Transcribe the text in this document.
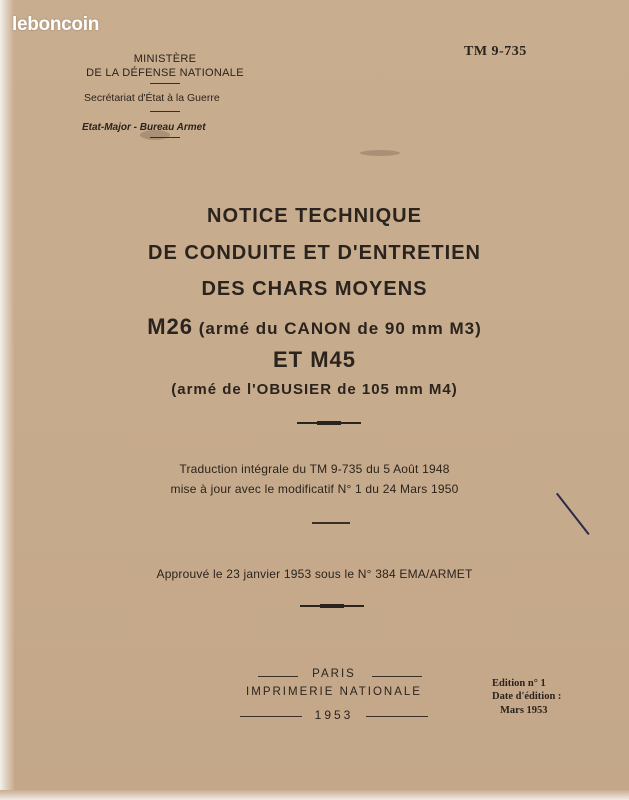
leboncoin
MINISTÈRE
DE LA DÉFENSE NATIONALE
Secrétariat d'État à la Guerre
Etat-Major - Bureau Armet
TM 9-735
NOTICE TECHNIQUE
DE CONDUITE ET D'ENTRETIEN
DES CHARS MOYENS
M26 (armé du CANON de 90 mm M3)
ET M45
(armé de l'OBUSIER de 105 mm M4)
Traduction intégrale du TM 9-735 du 5 Août 1948
mise à jour avec le modificatif N° 1 du 24 Mars 1950
Approuvé le 23 janvier 1953 sous le N° 384 EMA/ARMET
PARIS
IMPRIMERIE NATIONALE
1953
Edition n° 1
Date d'édition :
Mars 1953
